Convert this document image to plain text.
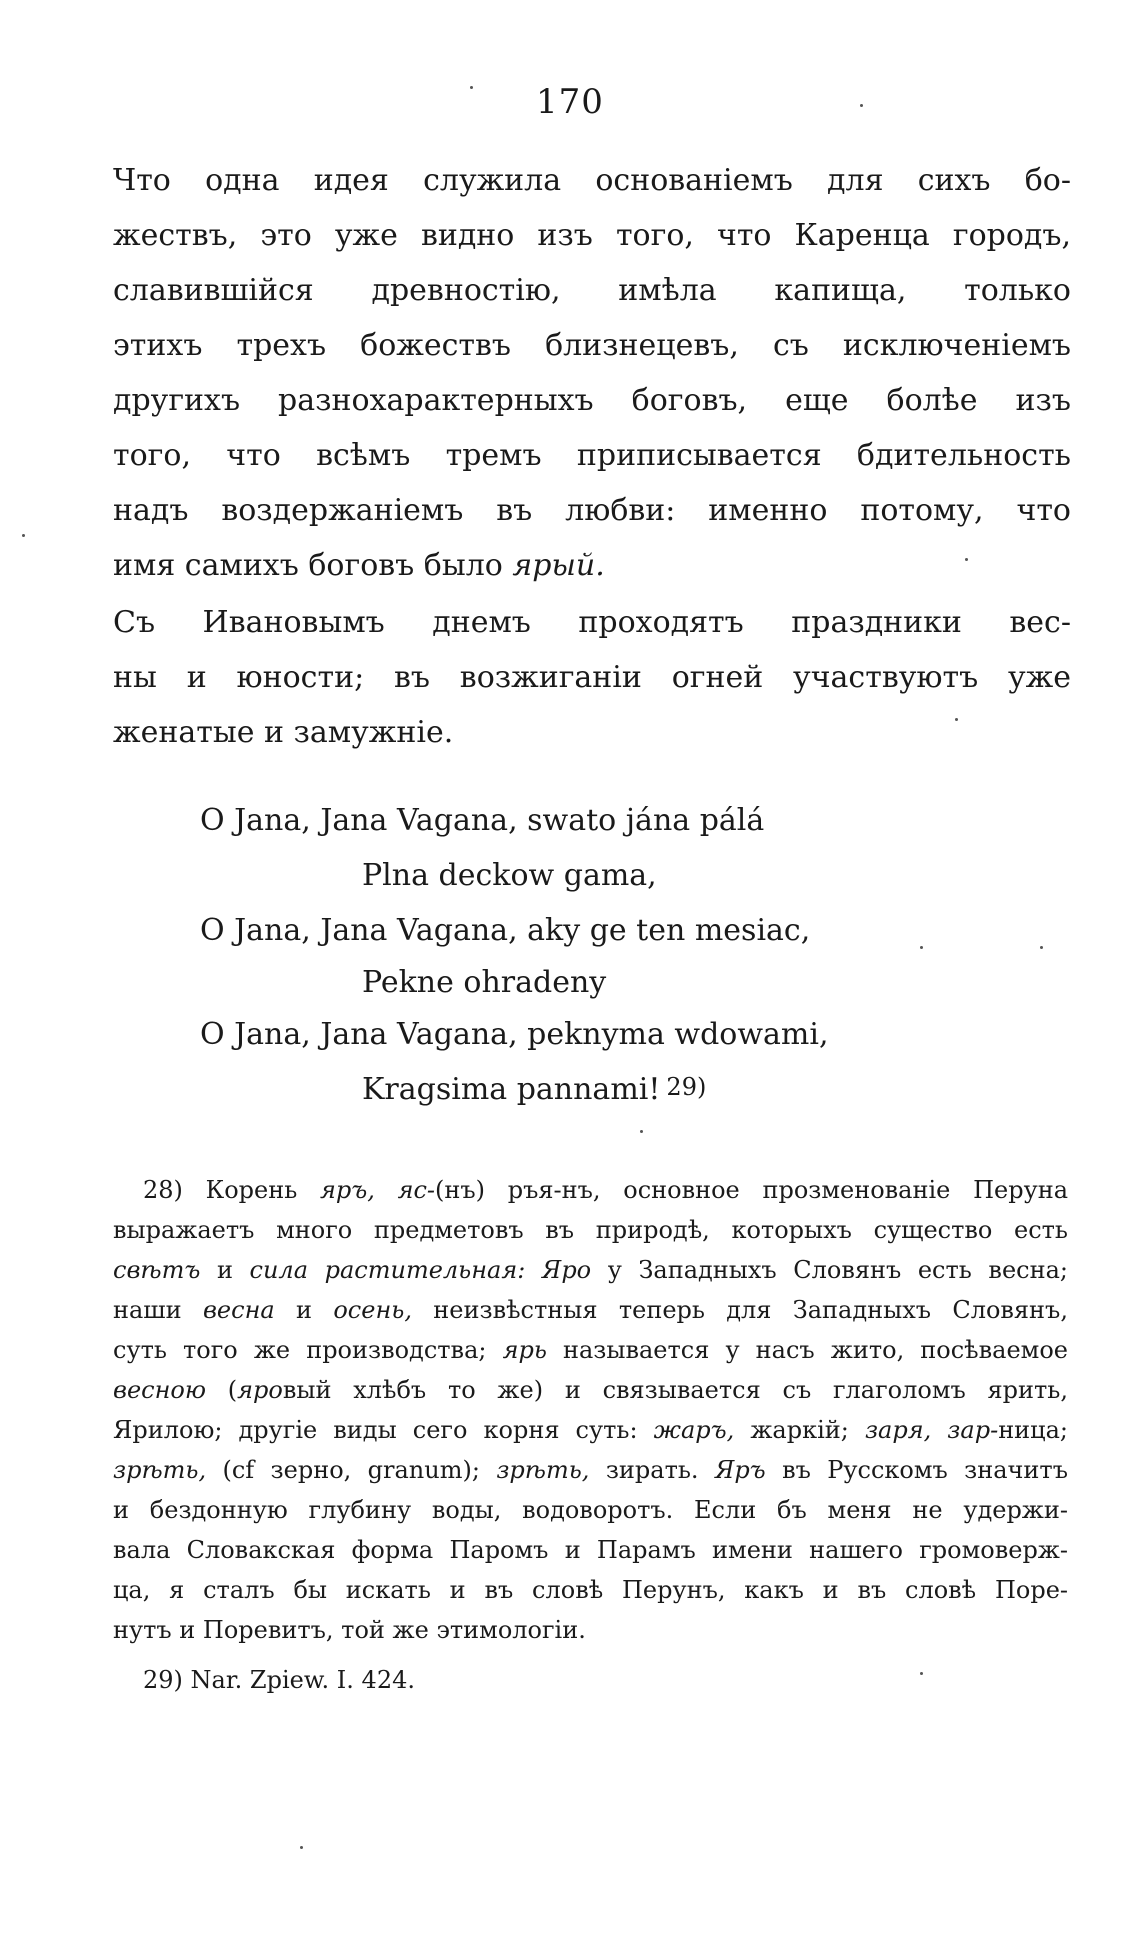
170
Что одна идея служила основаніемъ для сихъ бо-
жествъ, это уже видно изъ того, что Каренца городъ,
славившійся древностію, имѣла капища, только
этихъ трехъ божествъ близнецевъ, съ исключеніемъ
другихъ разнохарактерныхъ боговъ, еще болѣе изъ
того, что всѣмъ тремъ приписывается бдительность
надъ воздержаніемъ въ любви: именно потому, что
имя самихъ боговъ было ярый.
Съ Ивановымъ днемъ проходятъ праздники вес-
ны и юности; въ возжиганіи огней участвуютъ уже
женатые и замужніе.
O Jana, Jana Vagana, swato jána pálá
Plna deckow gama,
O Jana, Jana Vagana, aky ge ten mesiac,
Pekne ohradeny
O Jana, Jana Vagana, peknyma wdowami,
Kragsima pannami! 29)
28) Корень яръ, яс-(нъ) ръя-нъ, основное прозменованіе Перуна
выражаетъ много предметовъ въ природѣ, которыхъ существо есть
свѣтъ и сила растительная: Яро у Западныхъ Словянъ есть весна;
наши весна и осень, неизвѣстныя теперь для Западныхъ Словянъ,
суть того же производства; ярь называется у насъ жито, посѣваемое
весною (яровый хлѣбъ то же) и связывается съ глаголомъ ярить,
Ярилою; другіе виды сего корня суть: жаръ, жаркій; заря, зар-ница;
зрѣть, (cf зерно, granum); зрѣть, зирать. Яръ въ Русскомъ значитъ
и бездонную глубину воды, водоворотъ. Если бъ меня не удержи-
вала Словакская форма Паромъ и Парамъ имени нашего громоверж-
ца, я сталъ бы искать и въ словѣ Перунъ, какъ и въ словѣ Поре-
нутъ и Поревитъ, той же этимологіи.
29) Nar. Zpiew. I. 424.
